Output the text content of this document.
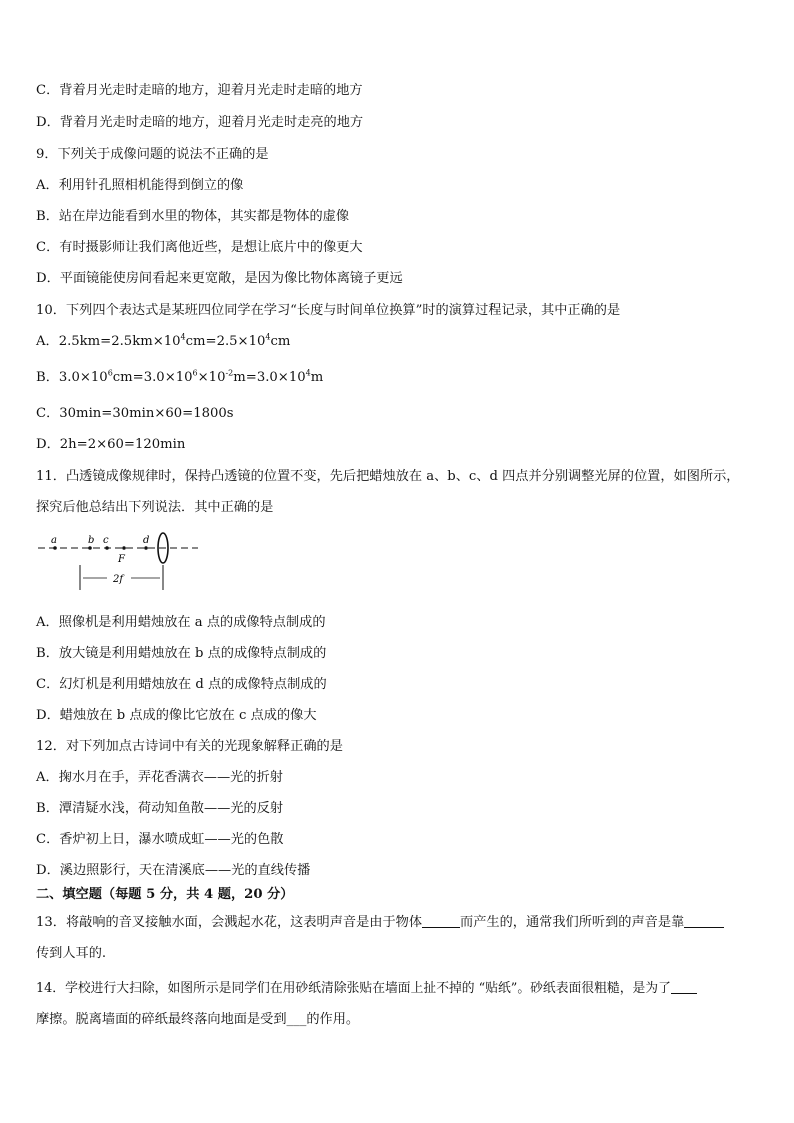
C．背着月光走时走暗的地方，迎着月光走时走暗的地方
D．背着月光走时走暗的地方，迎着月光走时走亮的地方
9．下列关于成像问题的说法不正确的是
A．利用针孔照相机能得到倒立的像
B．站在岸边能看到水里的物体，其实都是物体的虚像
C．有时摄影师让我们离他近些，是想让底片中的像更大
D．平面镜能使房间看起来更宽敞，是因为像比物体离镜子更远
10．下列四个表达式是某班四位同学在学习“长度与时间单位换算”时的演算过程记录，其中正确的是
A．$2.5km=2.5km\times 10^4cm=2.5\times 10^4cm$
B．$3.0\times 10^6cm=3.0\times 10^6\times 10^{-2}m=3.0\times 10^4m$
C．30min=30min×60=1800s
D．2h=2×60=120min
11．凸透镜成像规律时，保持凸透镜的位置不变，先后把蜡烛放在 a、b、c、d 四点并分别调整光屏的位置，如图所示，
探究后他总结出下列说法．其中正确的是
a	b c	d
F
2f
A．照像机是利用蜡烛放在 a 点的成像特点制成的
B．放大镜是利用蜡烛放在 b 点的成像特点制成的
C．幻灯机是利用蜡烛放在 d 点的成像特点制成的
D．蜡烛放在 b 点成的像比它放在 c 点成的像大
12．对下列加点古诗词中有关的光现象解释正确的是
A．掬水月在手，弄花香满衣——光的折射
B．潭清疑水浅，荷动知鱼散——光的反射
C．香炉初上日，瀑水喷成虹——光的色散
D．溪边照影行，天在清溪底——光的直线传播
二、填空题（每题 5 分，共 4 题，20 分）
13．将敲响的音叉接触水面，会溅起水花，这表明声音是由于物体	而产生的，通常我们所听到的声音是靠
传到人耳的.
14．学校进行大扫除，如图所示是同学们在用砂纸清除张贴在墙面上扯不掉的 “贴纸”。砂纸表面很粗糙，是为了
摩擦。脱离墙面的碎纸最终落向地面是受到___的作用。
